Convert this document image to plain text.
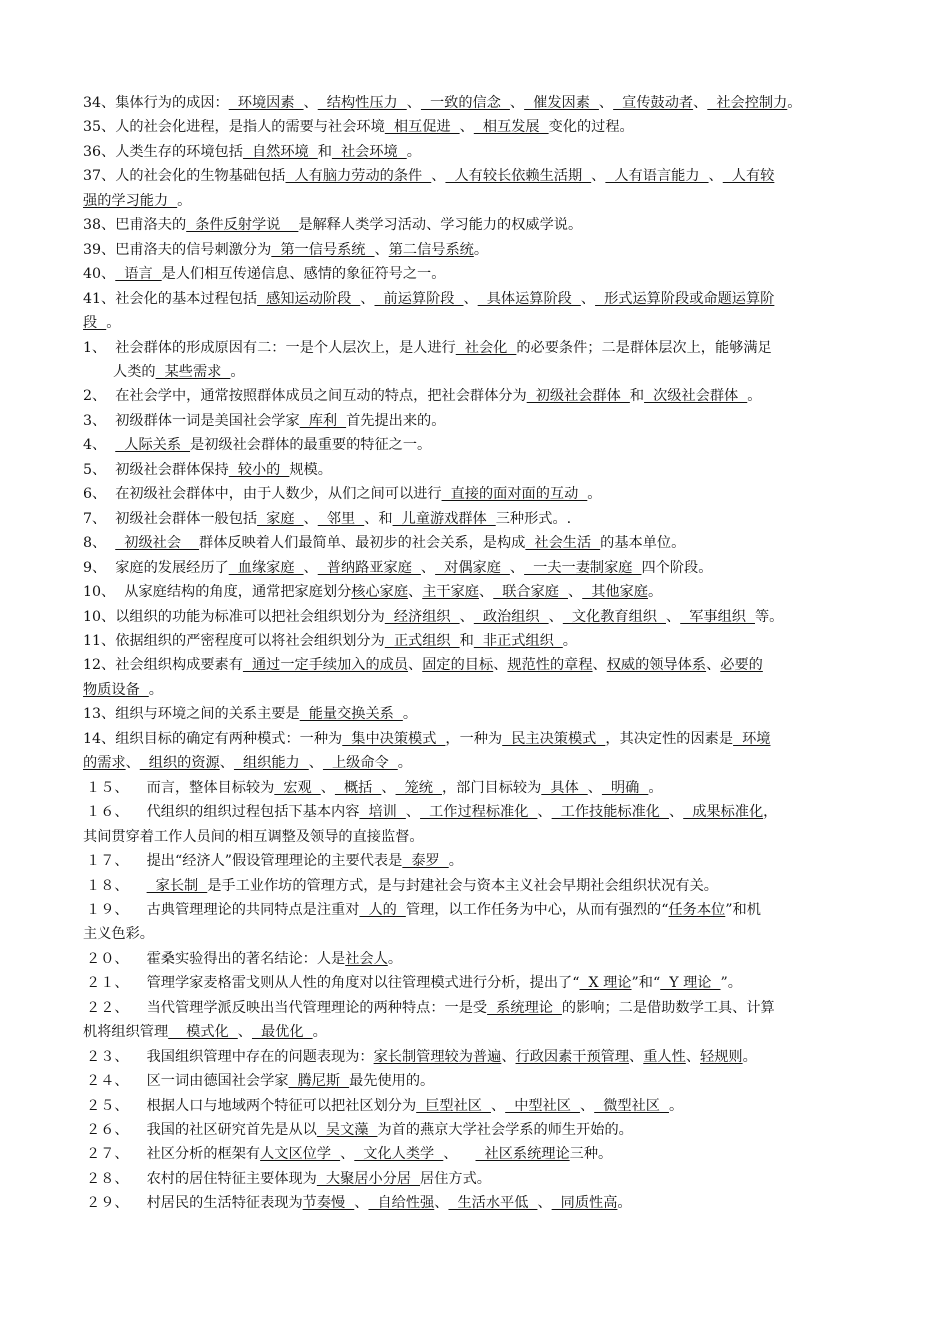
34、集体行为的成因：  环境因素  、  结构性压力  、  一致的信念  、  催发因素  、  宣传鼓动者、  社会控制力。
35、人的社会化进程，是指人的需要与社会环境  相互促进  、  相互发展  变化的过程。
36、人类生存的环境包括  自然环境  和  社会环境  。
37、人的社会化的生物基础包括  人有脑力劳动的条件  、  人有较长依赖生活期  、  人有语言能力  、  人有较
强的学习能力  。
38、巴甫洛夫的  条件反射学说    是解释人类学习活动、学习能力的权威学说。
39、巴甫洛夫的信号刺激分为  第一信号系统  、第二信号系统。
40、  语言  是人们相互传递信息、感情的象征符号之一。
41、社会化的基本过程包括  感知运动阶段  、  前运算阶段  、  具体运算阶段  、  形式运算阶段或命题运算阶
段  。
1、  社会群体的形成原因有二：一是个人层次上，是人进行  社会化  的必要条件；二是群体层次上，能够满足
人类的  某些需求  。
2、  在社会学中，通常按照群体成员之间互动的特点，把社会群体分为  初级社会群体  和  次级社会群体  。
3、  初级群体一词是美国社会学家  库利  首先提出来的。
4、    人际关系  是初级社会群体的最重要的特征之一。
5、  初级社会群体保持  较小的  规模。
6、  在初级社会群体中，由于人数少，从们之间可以进行  直接的面对面的互动  。
7、  初级社会群体一般包括  家庭  、  邻里  、和  儿童游戏群体  三种形式。.
8、    初级社会    群体反映着人们最简单、最初步的社会关系，是构成  社会生活  的基本单位。
9、  家庭的发展经历了  血缘家庭  、  普纳路亚家庭  、  对偶家庭  、  一夫一妻制家庭  四个阶段。
10、  从家庭结构的角度，通常把家庭划分核心家庭、主干家庭、  联合家庭  、  其他家庭。
10、以组织的功能为标准可以把社会组织划分为  经济组织  、  政治组织  、  文化教育组织  、  军事组织  等。
11、依据组织的严密程度可以将社会组织划分为  正式组织  和  非正式组织  。
12、社会组织构成要素有  通过一定手续加入的成员、固定的目标、规范性的章程、权威的领导体系、必要的
物质设备  。
13、组织与环境之间的关系主要是  能量交换关系  。
14、组织目标的确定有两种模式：一种为  集中决策模式  ，一种为  民主决策模式  ，其决定性的因素是  环境
的需求、  组织的资源、  组织能力  、  上级命令  。
１５、    而言，整体目标较为  宏观  、  概括  、  笼统  ，部门目标较为  具体  、  明确  。
１６、    代组织的组织过程包括下基本内容  培训  、  工作过程标准化  、  工作技能标准化  、  成果标准化，
其间贯穿着工作人员间的相互调整及领导的直接监督。
１７、    提出“经济人”假设管理理论的主要代表是  泰罗  。
１８、      家长制  是手工业作坊的管理方式，是与封建社会与资本主义社会早期社会组织状况有关。
１９、    古典管理理论的共同特点是注重对  人的  管理，以工作任务为中心，从而有强烈的“任务本位”和机
主义色彩。
２０、    霍桑实验得出的著名结论：人是社会人。
２１、    管理学家麦格雷戈则从人性的角度对以往管理模式进行分析，提出了“  X 理论”和“  Y 理论  ”。
２２、    当代管理学派反映出当代管理理论的两种特点：一是受  系统理论  的影响；二是借助数学工具、计算
机将组织管理    模式化  、  最优化  。
２３、    我国组织管理中存在的问题表现为：家长制管理较为普遍、行政因素干预管理、重人性、轻规则。
２４、    区一词由德国社会学家  腾尼斯  最先使用的。
２５、    根据人口与地域两个特征可以把社区划分为  巨型社区  、  中型社区  、  微型社区  。
２６、    我国的社区研究首先是从以  吴文藻  为首的燕京大学社会学系的师生开始的。
２７、    社区分析的框架有人文区位学  、  文化人类学  、      社区系统理论三种。
２８、    农村的居住特征主要体现为  大聚居小分居  居住方式。
２９、    村居民的生活特征表现为节奏慢  、  自给性强、  生活水平低  、  同质性高。
